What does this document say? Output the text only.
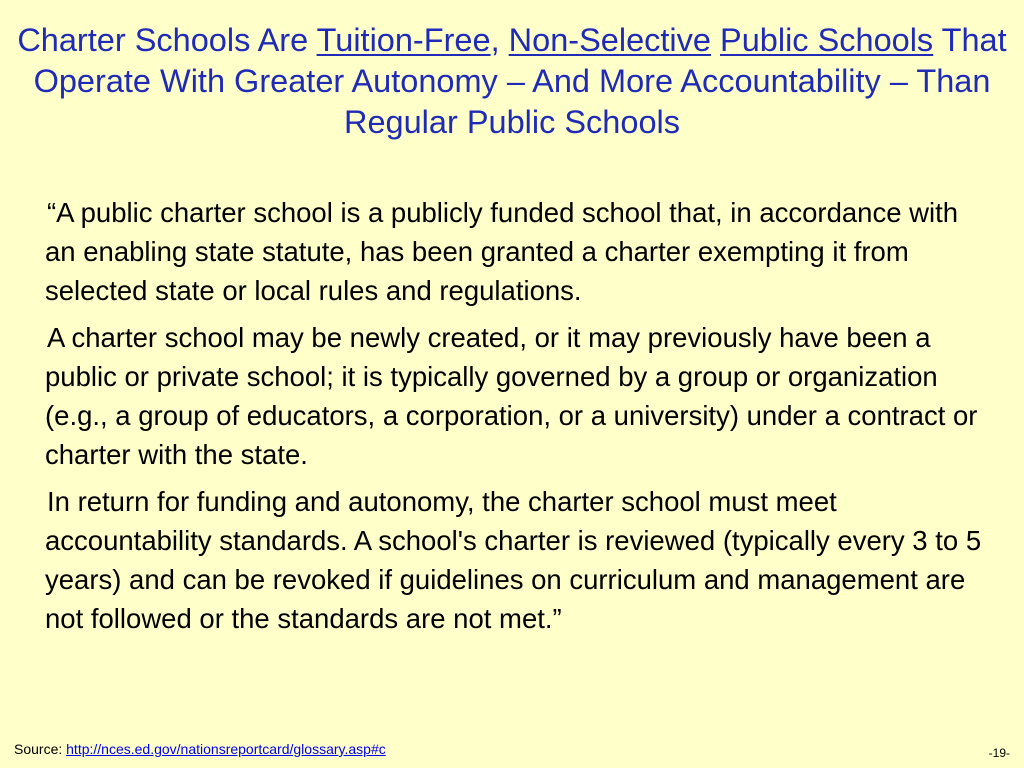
Charter Schools Are Tuition-Free, Non-Selective Public Schools That Operate With Greater Autonomy – And More Accountability – Than Regular Public Schools

“A public charter school is a publicly funded school that, in accordance with an enabling state statute, has been granted a charter exempting it from selected state or local rules and regulations.

A charter school may be newly created, or it may previously have been a public or private school; it is typically governed by a group or organization (e.g., a group of educators, a corporation, or a university) under a contract or charter with the state.

In return for funding and autonomy, the charter school must meet accountability standards. A school's charter is reviewed (typically every 3 to 5 years) and can be revoked if guidelines on curriculum and management are not followed or the standards are not met.”

Source: http://nces.ed.gov/nationsreportcard/glossary.asp#c	-19-
